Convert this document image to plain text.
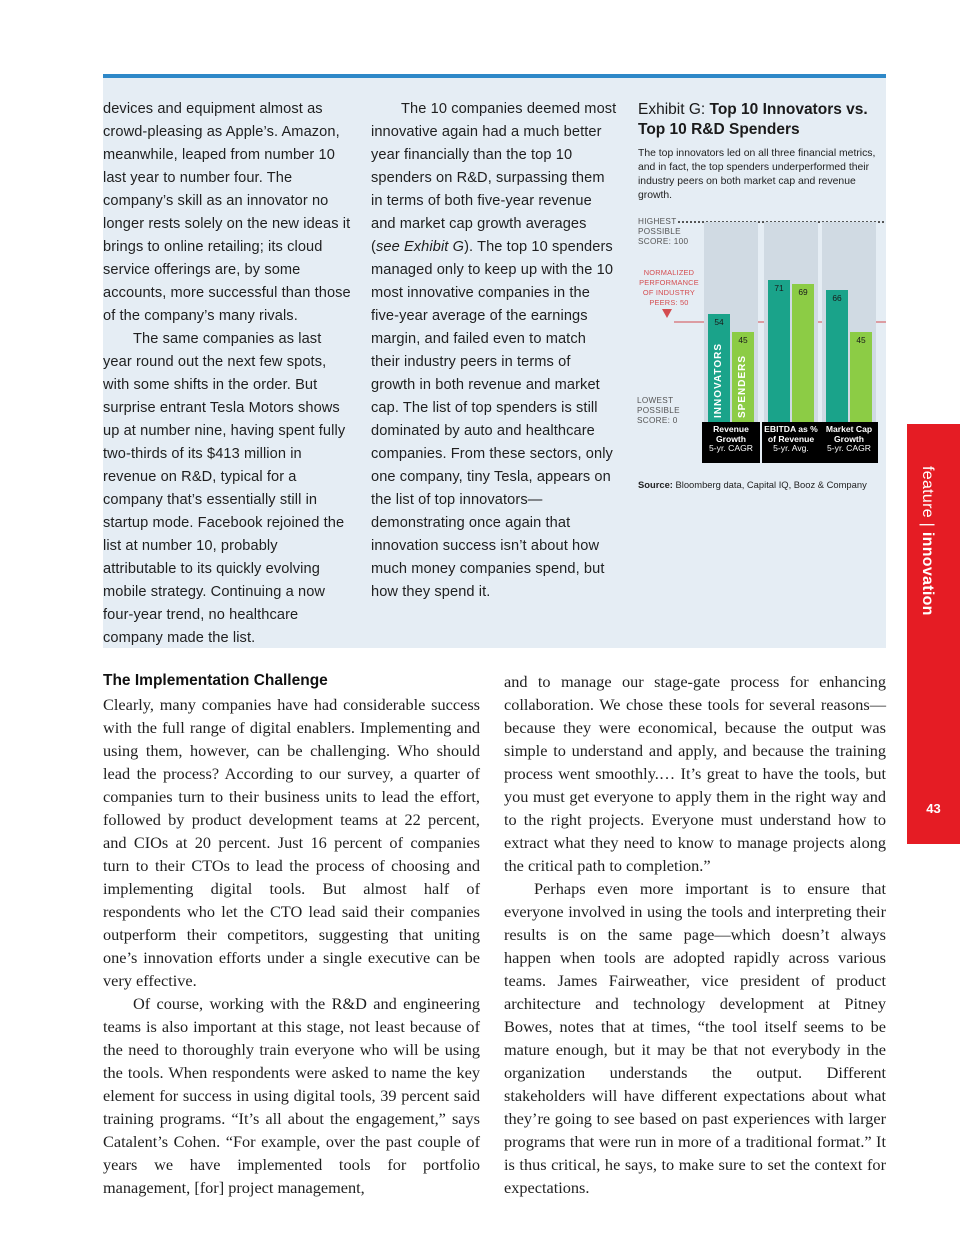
devices and equipment almost as crowd-pleasing as Apple’s. Amazon, meanwhile, leaped from number 10 last year to number four. The company’s skill as an innovator no longer rests solely on the new ideas it brings to online retailing; its cloud service offerings are, by some accounts, more successful than those of the company’s many rivals.

The same companies as last year round out the next few spots, with some shifts in the order. But surprise entrant Tesla Motors shows up at number nine, having spent fully two-thirds of its $413 million in revenue on R&D, typical for a company that’s essentially still in startup mode. Facebook rejoined the list at number 10, probably attributable to its quickly evolving mobile strategy. Continuing a now four-year trend, no healthcare company made the list.

The 10 companies deemed most innovative again had a much better year financially than the top 10 spenders on R&D, surpassing them in terms of both five-year revenue and market cap growth averages (see Exhibit G). The top 10 spenders managed only to keep up with the 10 most innovative companies in the five-year average of the earnings margin, and failed even to match their industry peers in terms of growth in both revenue and market cap. The list of top spenders is still dominated by auto and healthcare companies. From these sectors, only one company, tiny Tesla, appears on the list of top innovators—demonstrating once again that innovation success isn’t about how much money companies spend, but how they spend it.

Exhibit G: Top 10 Innovators vs. Top 10 R&D Spenders

The top innovators led on all three financial metrics, and in fact, the top spenders underperformed their industry peers on both market cap and revenue growth.
HIGHEST POSSIBLE SCORE: 100
NORMALIZED PERFORMANCE OF INDUSTRY PEERS: 50
LOWEST POSSIBLE SCORE: 0
54
INNOVATORS
45
SPENDERS
Revenue Growth
5-yr. CAGR
71	69
EBITDA as % of Revenue
5-yr. Avg.
66
45
Market Cap Growth
5-yr. CAGR
Source: Bloomberg data, Capital IQ, Booz & Company
The Implementation Challenge

Clearly, many companies have had considerable success with the full range of digital enablers. Implementing and using them, however, can be challenging. Who should lead the process? According to our survey, a quarter of companies turn to their business units to lead the effort, followed by product development teams at 22 percent, and CIOs at 20 percent. Just 16 percent of companies turn to their CTOs to lead the process of choosing and implementing digital tools. But almost half of respondents who let the CTO lead said their companies outperform their competitors, suggesting that uniting one’s innovation efforts under a single executive can be very effective.

Of course, working with the R&D and engineering teams is also important at this stage, not least because of the need to thoroughly train everyone who will be using the tools. When respondents were asked to name the key element for success in using digital tools, 39 percent said training programs. “It’s all about the engagement,” says Catalent’s Cohen. “For example, over the past couple of years we have implemented tools for portfolio management, [for] project management,

and to manage our stage-gate process for enhancing collaboration. We chose these tools for several reasons—because they were economical, because the output was simple to understand and apply, and because the training process went smoothly.… It’s great to have the tools, but you must get everyone to apply them in the right way and to the right projects. Everyone must understand how to extract what they need to know to manage projects along the critical path to completion.”

Perhaps even more important is to ensure that everyone involved in using the tools and interpreting their results is on the same page—which doesn’t always happen when tools are adopted rapidly across various teams. James Fairweather, vice president of product architecture and technology development at Pitney Bowes, notes that at times, “the tool itself seems to be mature enough, but it may be that not everybody in the organization understands the output. Different stakeholders will have different expectations about what they’re going to see based on past experiences with larger programs that were run in more of a traditional format.” It is thus critical, he says, to make sure to set the context for expectations.

feature | innovation
43
